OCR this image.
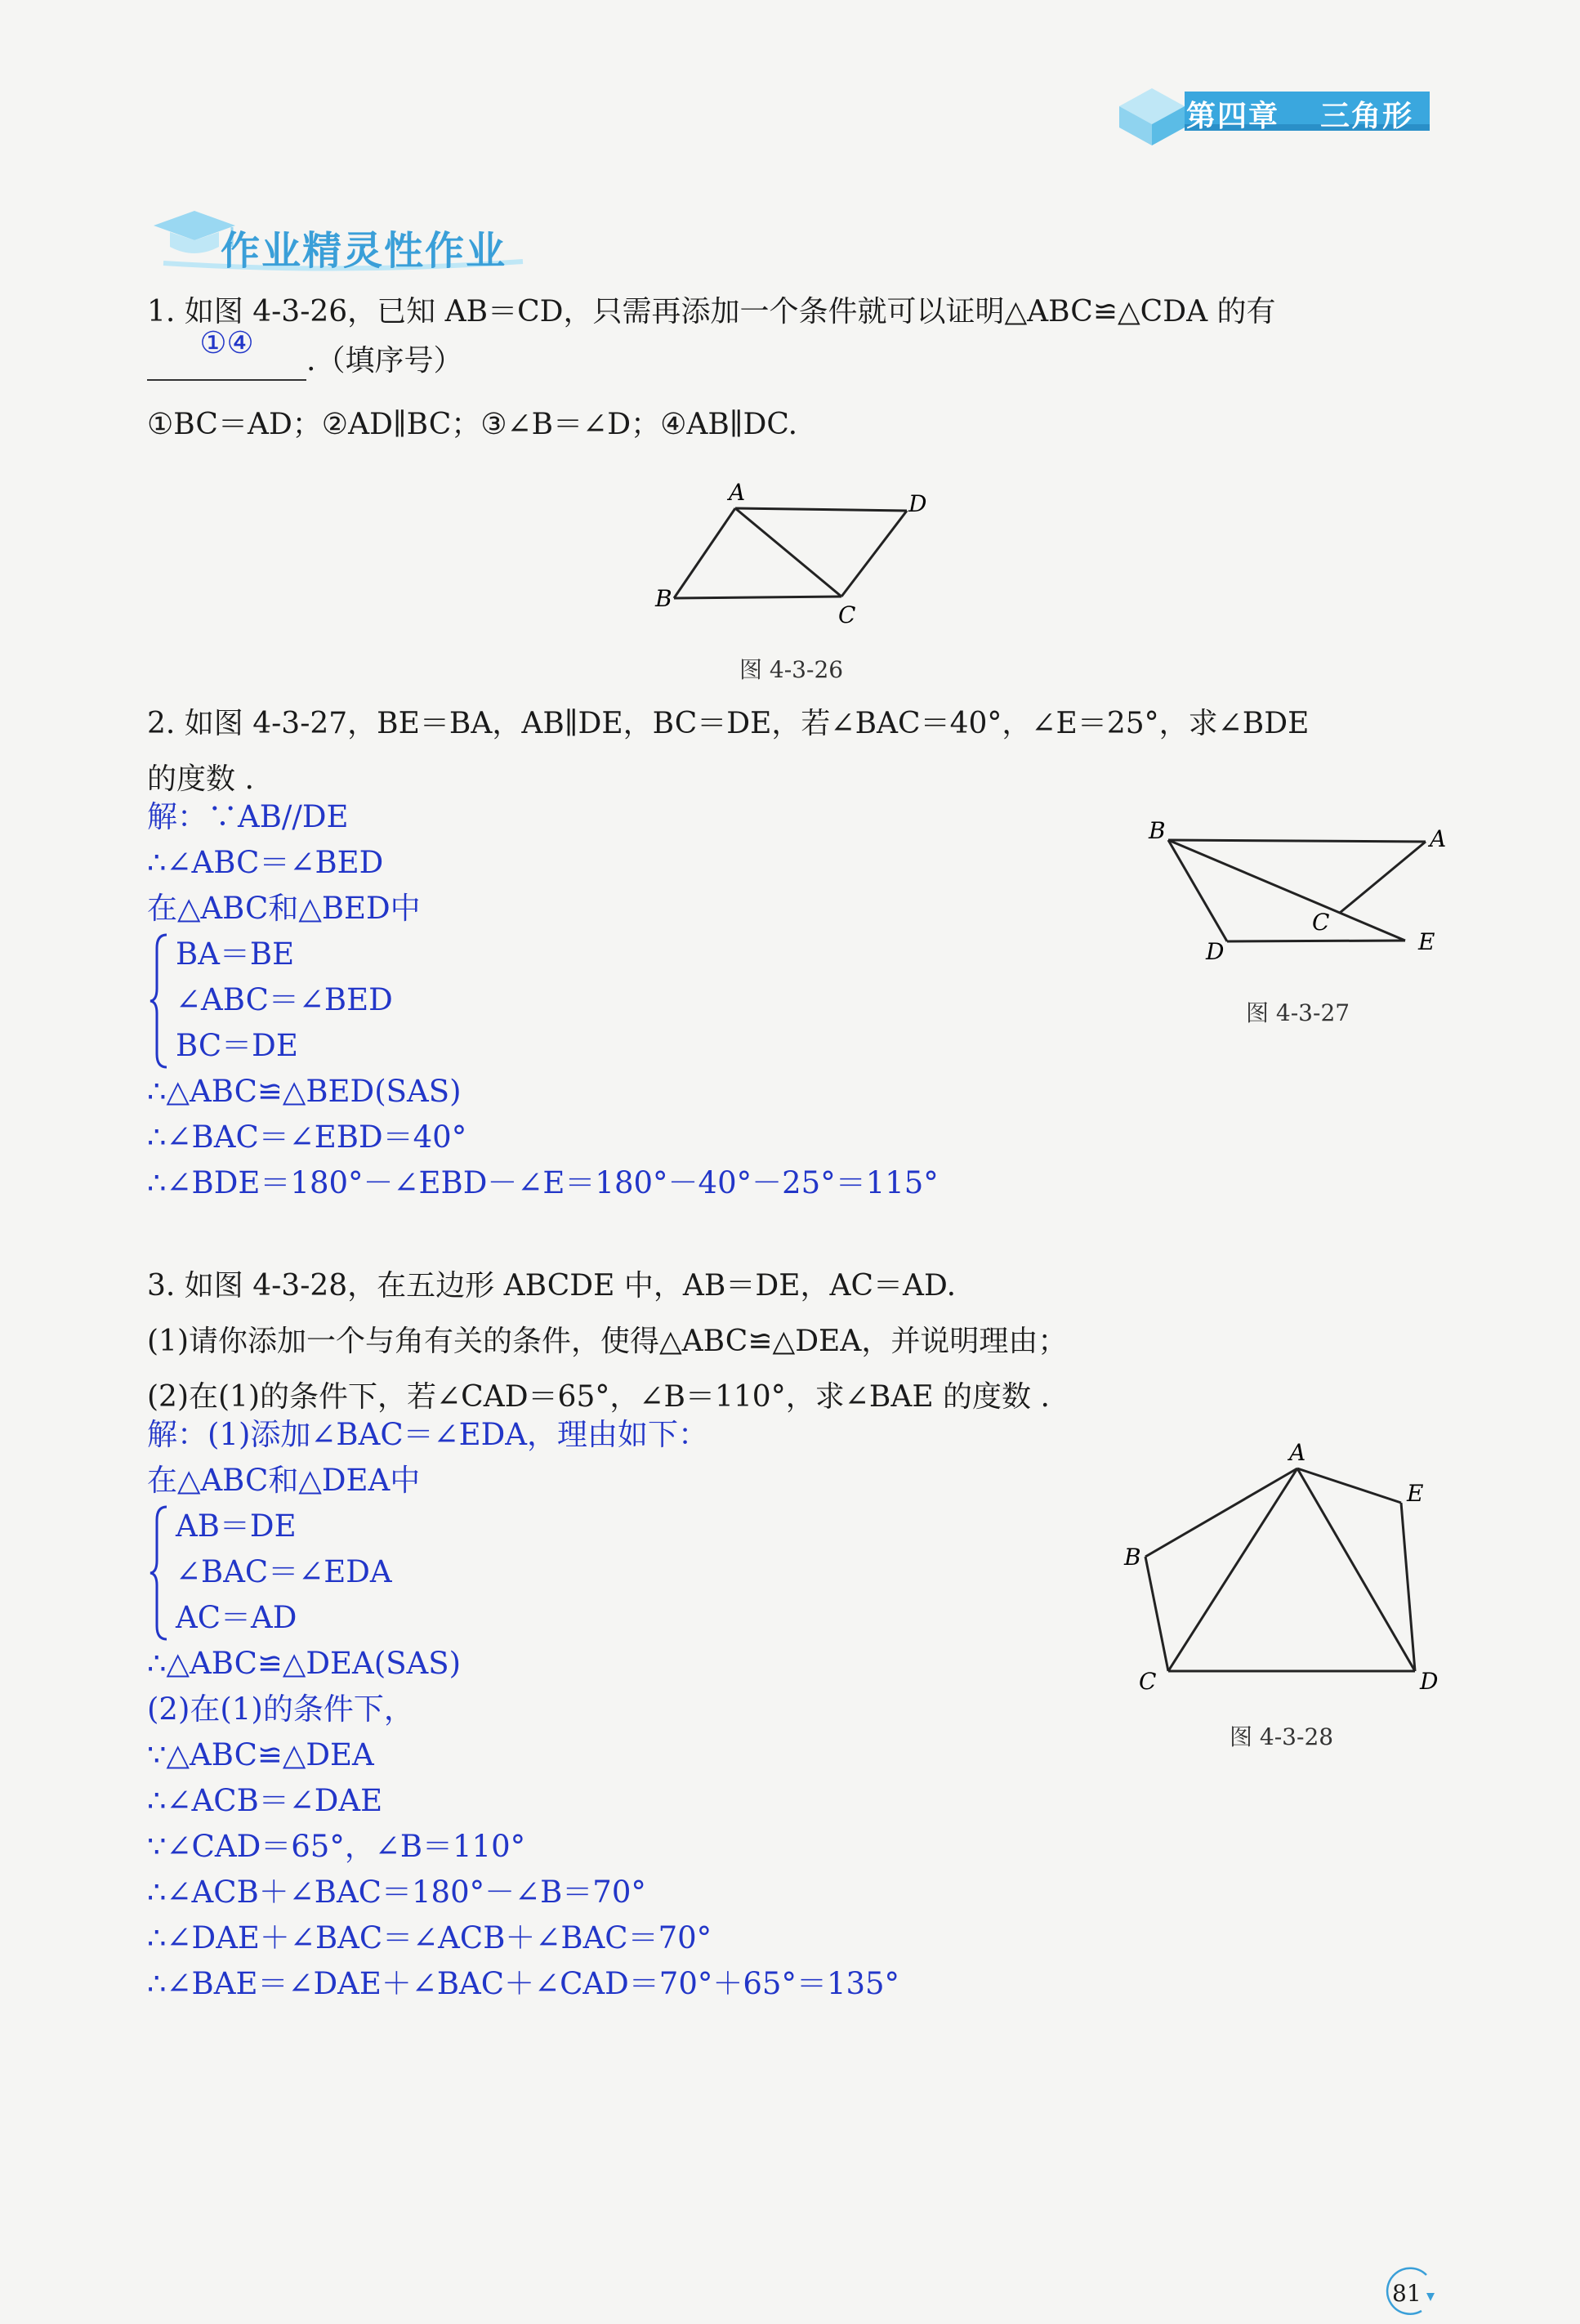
第四章 三角形
作业精灵性作业
1. 如图 4-3-26，已知 AB＝CD，只需再添加一个条件就可以证明△ABC≌△CDA 的有
①④
.（填序号）
①BC＝AD；②AD∥BC；③∠B＝∠D；④AB∥DC.
A	D
B
C
图 4-3-26
2. 如图 4-3-27，BE＝BA，AB∥DE，BC＝DE，若∠BAC＝40°，∠E＝25°，求∠BDE
的度数 .
解：∵AB//DE
∴∠ABC＝∠BED
在△ABC和△BED中
BA＝BE
∠ABC＝∠BED
BC＝DE
∴△ABC≌△BED(SAS)
∴∠BAC＝∠EBD＝40°
∴∠BDE＝180°－∠EBD－∠E＝180°－40°－25°＝115°
B	A
C
D	E
图 4-3-27
3. 如图 4-3-28，在五边形 ABCDE 中，AB＝DE，AC＝AD.
(1)请你添加一个与角有关的条件，使得△ABC≌△DEA，并说明理由；
(2)在(1)的条件下，若∠CAD＝65°，∠B＝110°，求∠BAE 的度数 .
解：(1)添加∠BAC＝∠EDA，理由如下：
在△ABC和△DEA中
AB＝DE
∠BAC＝∠EDA
AC＝AD
∴△ABC≌△DEA(SAS)
(2)在(1)的条件下，
∵△ABC≌△DEA
∴∠ACB＝∠DAE
∵∠CAD＝65°，∠B＝110°
∴∠ACB＋∠BAC＝180°－∠B＝70°
∴∠DAE＋∠BAC＝∠ACB＋∠BAC＝70°
∴∠BAE＝∠DAE＋∠BAC＋∠CAD＝70°＋65°＝135°
A
E
B
C	D
图 4-3-28
81
